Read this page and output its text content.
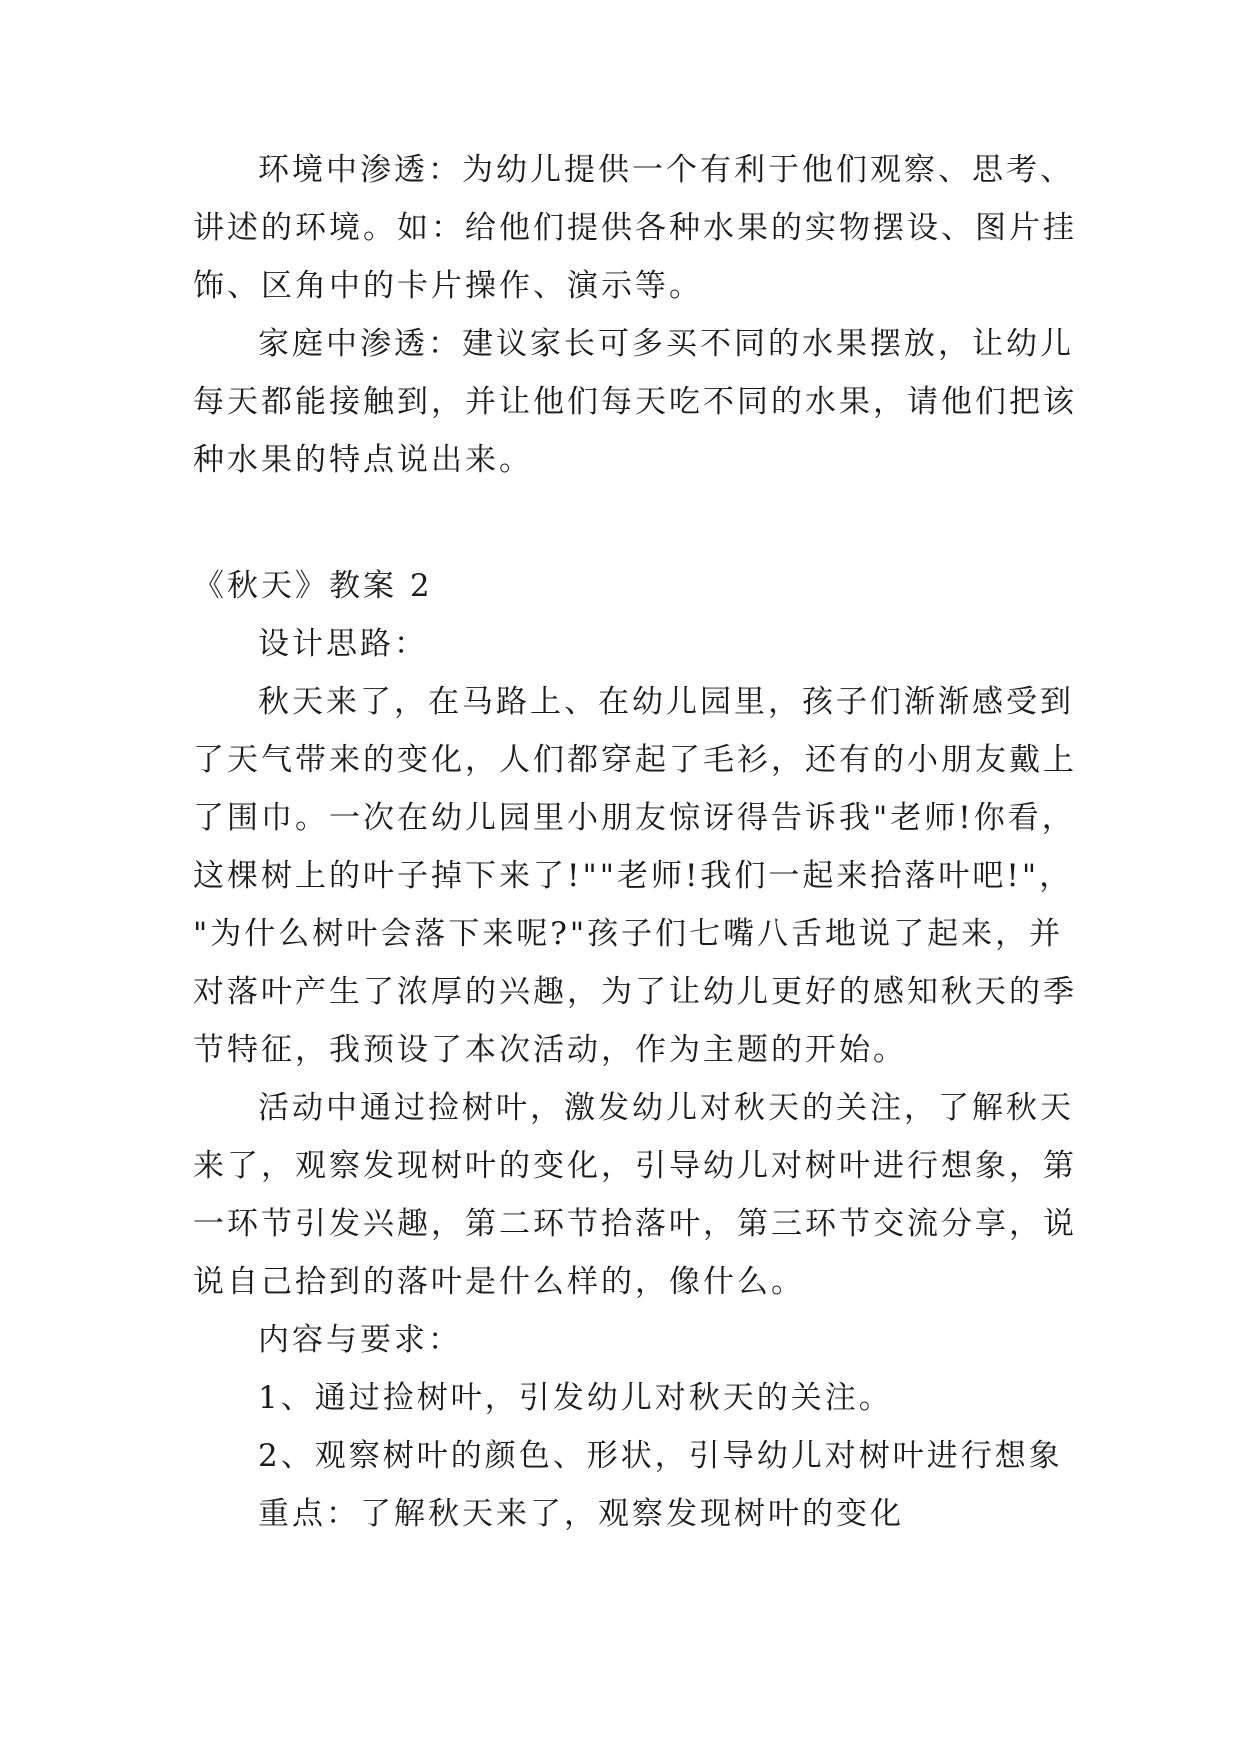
环境中渗透：为幼儿提供一个有利于他们观察、思考、

讲述的环境。如：给他们提供各种水果的实物摆设、图片挂

饰、区角中的卡片操作、演示等。

家庭中渗透：建议家长可多买不同的水果摆放，让幼儿

每天都能接触到，并让他们每天吃不同的水果，请他们把该

种水果的特点说出来。

《秋天》教案 2

设计思路：

秋天来了，在马路上、在幼儿园里，孩子们渐渐感受到

了天气带来的变化，人们都穿起了毛衫，还有的小朋友戴上

了围巾。一次在幼儿园里小朋友惊讶得告诉我"老师!你看，

这棵树上的叶子掉下来了!""老师!我们一起来拾落叶吧!"，

"为什么树叶会落下来呢?"孩子们七嘴八舌地说了起来，并

对落叶产生了浓厚的兴趣，为了让幼儿更好的感知秋天的季

节特征，我预设了本次活动，作为主题的开始。

活动中通过捡树叶，激发幼儿对秋天的关注，了解秋天

来了，观察发现树叶的变化，引导幼儿对树叶进行想象，第

一环节引发兴趣，第二环节拾落叶，第三环节交流分享，说

说自己拾到的落叶是什么样的，像什么。

内容与要求：

1、通过捡树叶，引发幼儿对秋天的关注。

2、观察树叶的颜色、形状，引导幼儿对树叶进行想象

重点：了解秋天来了，观察发现树叶的变化
